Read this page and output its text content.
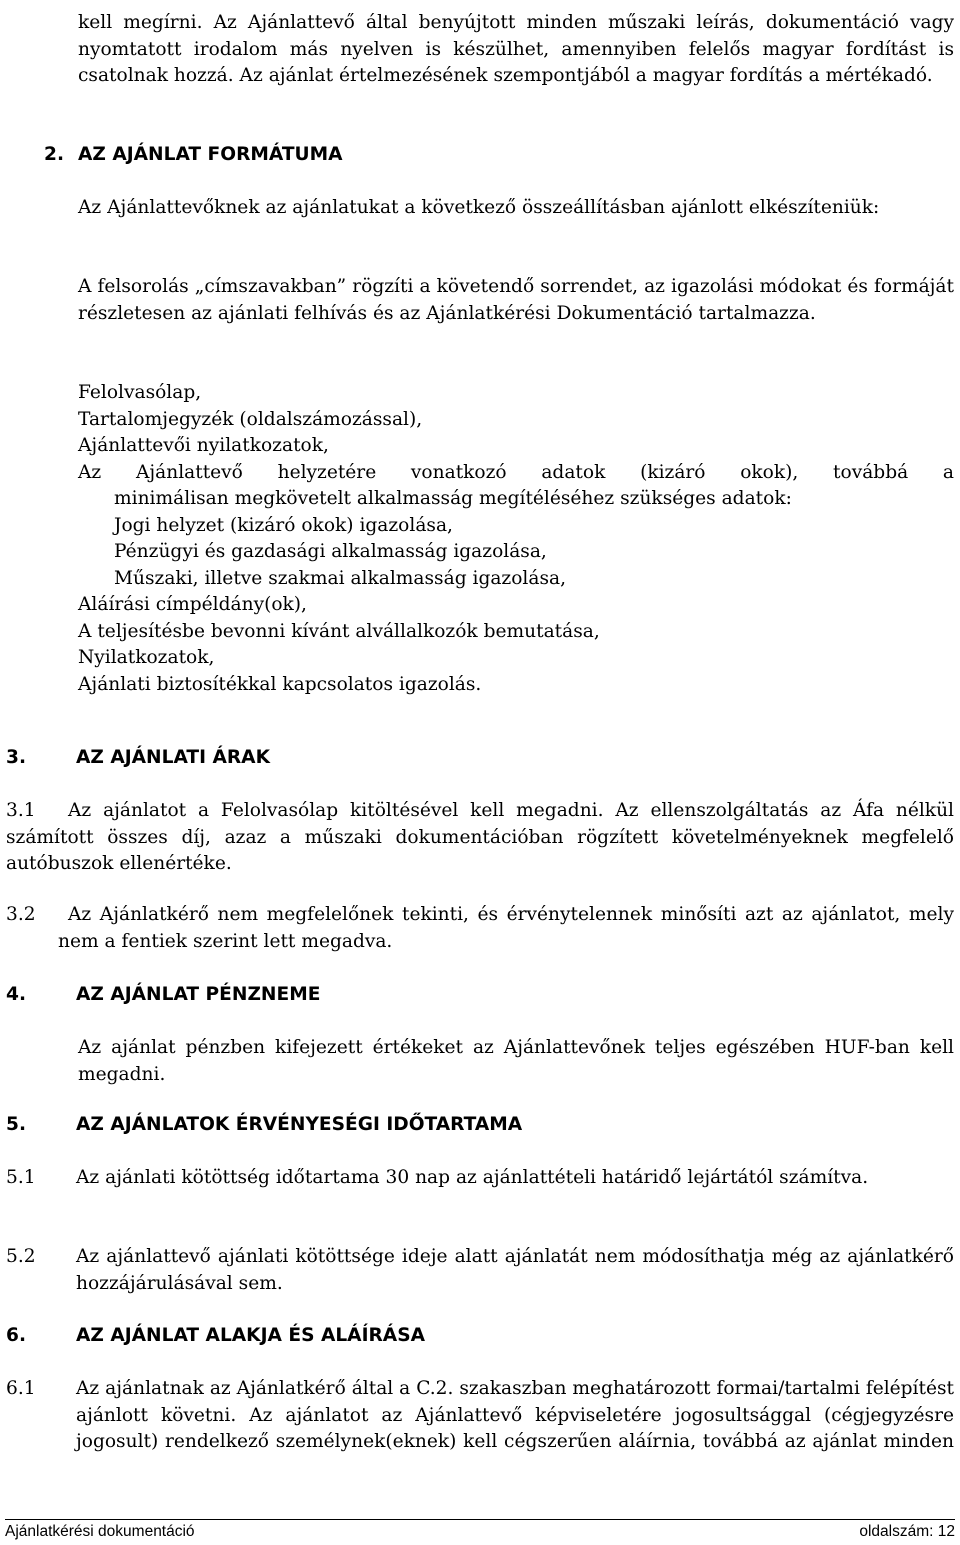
kell megírni. Az Ajánlattevő által benyújtott minden műszaki leírás, dokumentáció vagy nyomtatott irodalom más nyelven is készülhet, amennyiben felelős magyar fordítást is csatolnak hozzá. Az ajánlat értelmezésének szempontjából a magyar fordítás a mértékadó.

2. AZ AJÁNLAT FORMÁTUMA

Az Ajánlattevőknek az ajánlatukat a következő összeállításban ajánlott elkészíteniük:

A felsorolás „címszavakban” rögzíti a követendő sorrendet, az igazolási módokat és formáját részletesen az ajánlati felhívás és az Ajánlatkérési Dokumentáció tartalmazza.

Felolvasólap,

Tartalomjegyzék (oldalszámozással),

Ajánlattevői nyilatkozatok,

Az Ajánlattevő helyzetére vonatkozó adatok (kizáró okok), továbbá a

minimálisan megkövetelt alkalmasság megítéléséhez szükséges adatok:

Jogi helyzet (kizáró okok) igazolása,

Pénzügyi és gazdasági alkalmasság igazolása,

Műszaki, illetve szakmai alkalmasság igazolása,

Aláírási címpéldány(ok),

A teljesítésbe bevonni kívánt alvállalkozók bemutatása,

Nyilatkozatok,

Ajánlati biztosítékkal kapcsolatos igazolás.

3.	AZ AJÁNLATI ÁRAK
3.1	Az ajánlatot a Felolvasólap kitöltésével kell megadni. Az ellenszolgáltatás az Áfa nélkül számított összes díj, azaz a műszaki dokumentációban rögzített követelményeknek megfelelő autóbuszok ellenértéke.

3.2	Az Ajánlatkérő nem megfelelőnek tekinti, és érvénytelennek minősíti azt az ajánlatot, mely nem a fentiek szerint lett megadva.

4.	AZ AJÁNLAT PÉNZNEME

Az ajánlat pénzben kifejezett értékeket az Ajánlattevőnek teljes egészében HUF-ban kell megadni.

5.	AZ AJÁNLATOK ÉRVÉNYESÉGI IDŐTARTAMA
5.1	Az ajánlati kötöttség időtartama 30 nap az ajánlattételi határidő lejártától számítva.

5.2	Az ajánlattevő ajánlati kötöttsége ideje alatt ajánlatát nem módosíthatja még az ajánlatkérő hozzájárulásával sem.

6.	AZ AJÁNLAT ALAKJA ÉS ALÁÍRÁSA
6.1	Az ajánlatnak az Ajánlatkérő által a C.2. szakaszban meghatározott formai/tartalmi felépítést ajánlott követni. Az ajánlatot az Ajánlattevő képviseletére jogosultsággal (cégjegyzésre jogosult) rendelkező személynek(eknek) kell cégszerűen aláírnia, továbbá az ajánlat minden

Ajánlatkérési dokumentáció	oldalszám: 12
